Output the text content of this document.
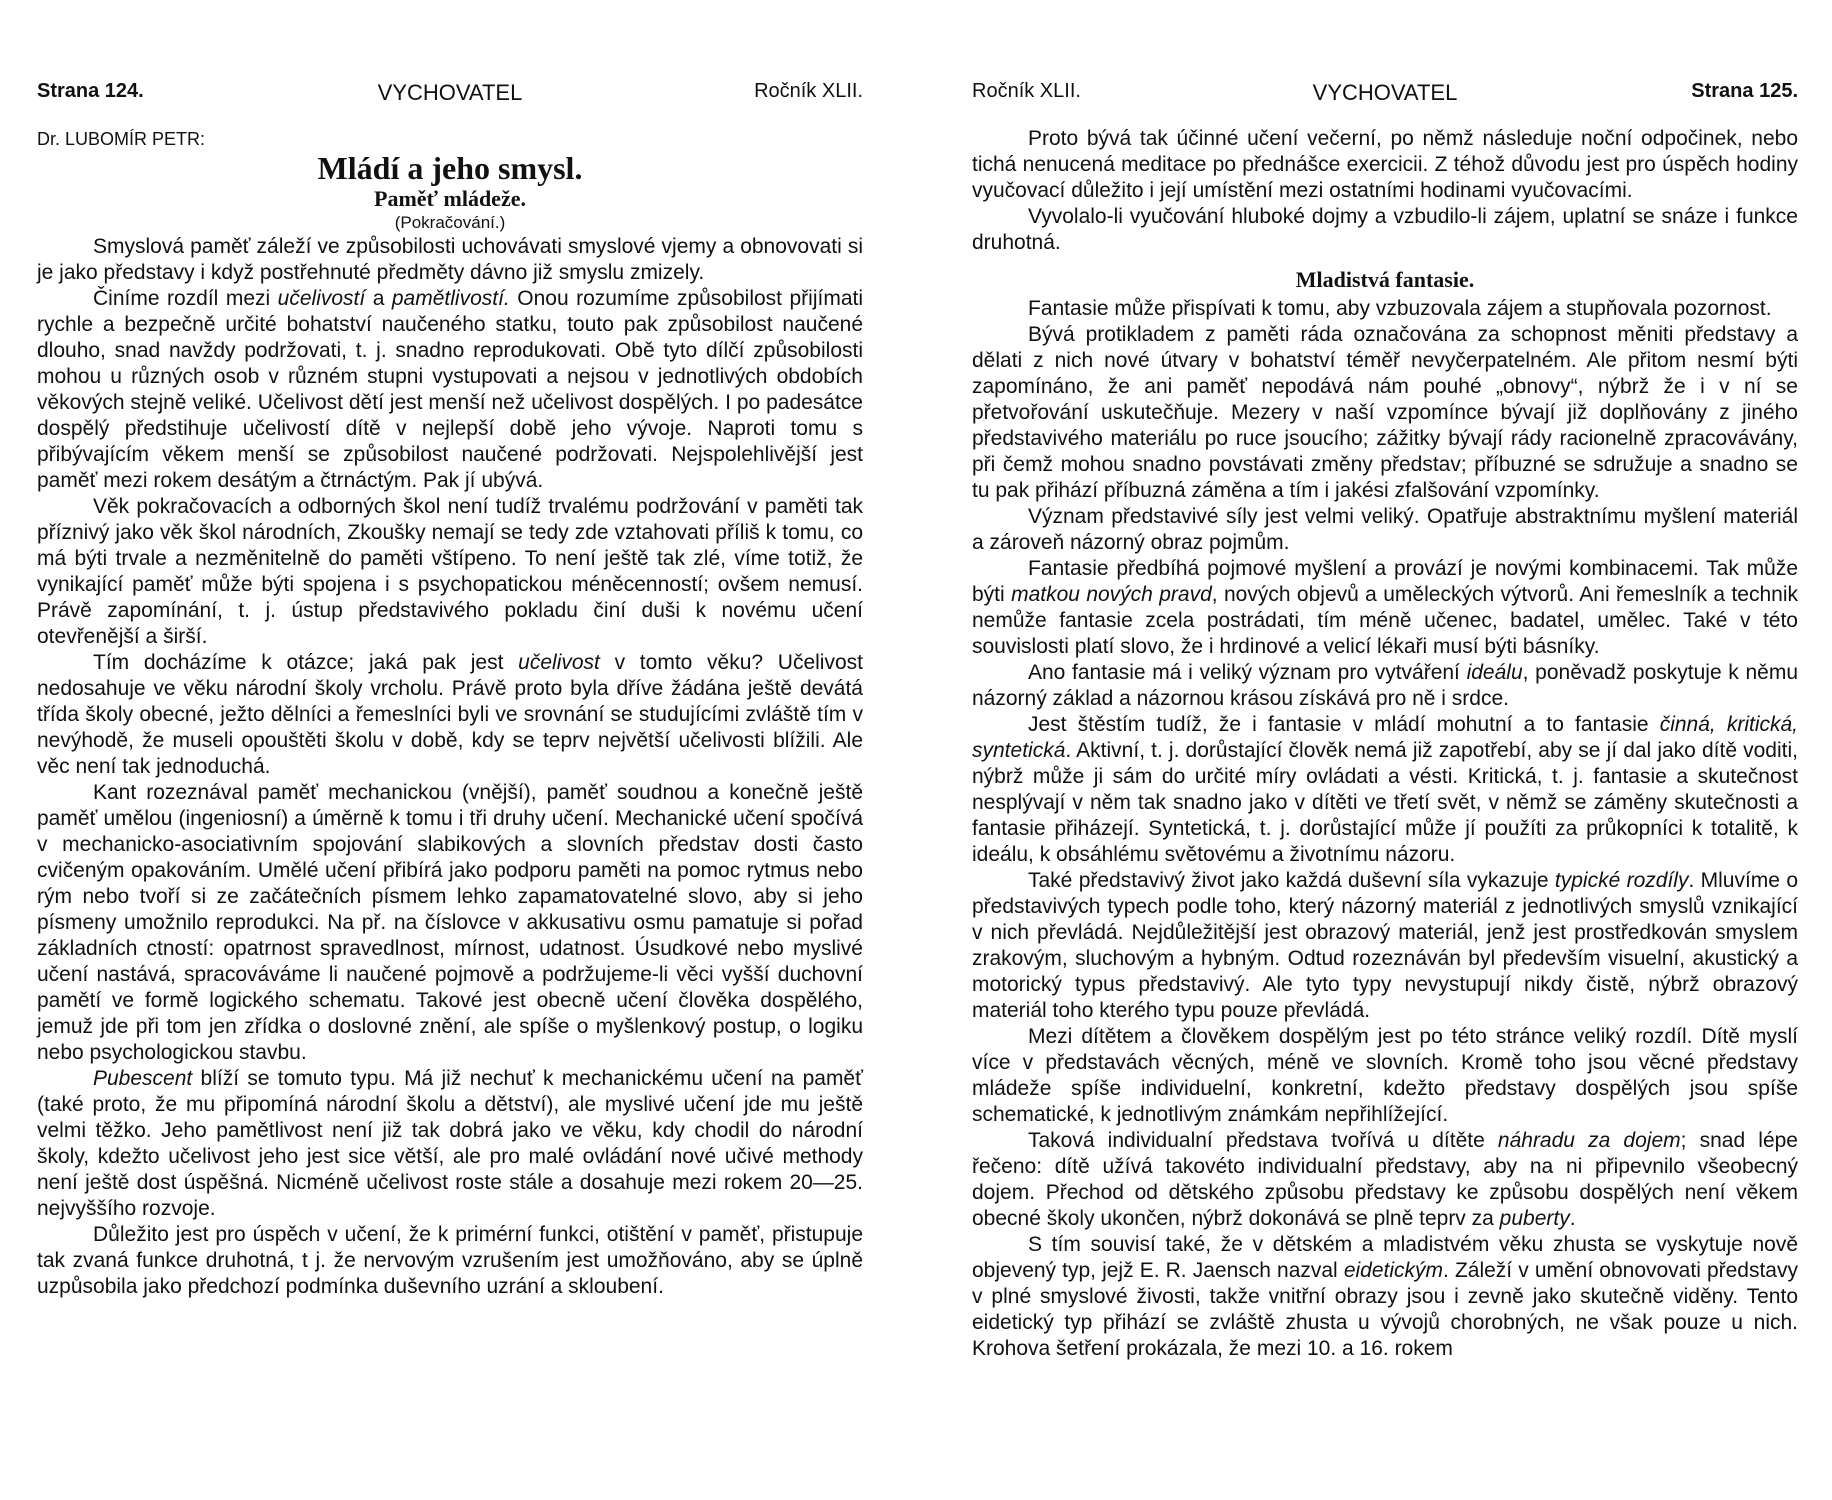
Strana 124.	VYCHOVATEL	Ročník XLII.

Dr. LUBOMÍR PETR:

Mládí a jeho smysl.
Paměť mládeže.

(Pokračování.)

Smyslová paměť záleží ve způsobilosti uchovávati smyslové vjemy a obnovovati si je jako představy i když postřehnuté předměty dávno již smyslu zmizely.

Činíme rozdíl mezi učelivostí a pamětlivostí. Onou rozumíme způsobilost přijímati rychle a bezpečně určité bohatství naučeného statku, touto pak způsobilost naučené dlouho, snad navždy podržovati, t. j. snadno reprodukovati. Obě tyto dílčí způsobilosti mohou u různých osob v různém stupni vystupovati a nejsou v jednotlivých obdobích věkových stejně veliké. Učelivost dětí jest menší než učelivost dospělých. I po padesátce dospělý předstihuje učelivostí dítě v nejlepší době jeho vývoje. Naproti tomu s přibývajícím věkem menší se způsobilost naučené podržovati. Nejspolehlivější jest paměť mezi rokem desátým a čtrnáctým. Pak jí ubývá.

Věk pokračovacích a odborných škol není tudíž trvalému podržování v paměti tak příznivý jako věk škol národních, Zkoušky nemají se tedy zde vztahovati příliš k tomu, co má býti trvale a nezměnitelně do paměti vštípeno. To není ještě tak zlé, víme totiž, že vynikající paměť může býti spojena i s psychopatickou méněcenností; ovšem nemusí. Právě zapomínání, t. j. ústup představivého pokladu činí duši k novému učení otevřenější a širší.

Tím docházíme k otázce; jaká pak jest učelivost v tomto věku? Učelivost nedosahuje ve věku národní školy vrcholu. Právě proto byla dříve žádána ještě devátá třída školy obecné, ježto dělníci a řemeslníci byli ve srovnání se studujícími zvláště tím v nevýhodě, že museli opouštěti školu v době, kdy se teprv největší učelivosti blížili. Ale věc není tak jednoduchá.

Kant rozeznával paměť mechanickou (vnější), paměť soudnou a konečně ještě paměť umělou (ingeniosní) a úměrně k tomu i tři druhy učení. Mechanické učení spočívá v mechanicko-asociativním spojování slabikových a slovních představ dosti často cvičeným opakováním. Umělé učení přibírá jako podporu paměti na pomoc rytmus nebo rým nebo tvoří si ze začátečních písmem lehko zapamatovatelné slovo, aby si jeho písmeny umožnilo reprodukci. Na př. na číslovce v akkusativu osmu pamatuje si pořad základních ctností: opatrnost spravedlnost, mírnost, udatnost. Úsudkové nebo myslivé učení nastává, spracováváme li naučené pojmově a podržujeme-li věci vyšší duchovní pamětí ve formě logického schematu. Takové jest obecně učení člověka dospělého, jemuž jde při tom jen zřídka o doslovné znění, ale spíše o myšlenkový postup, o logiku nebo psychologickou stavbu.

Pubescent blíží se tomuto typu. Má již nechuť k mechanickému učení na paměť (také proto, že mu připomíná národní školu a dětství), ale myslivé učení jde mu ještě velmi těžko. Jeho pamětlivost není již tak dobrá jako ve věku, kdy chodil do národní školy, kdežto učelivost jeho jest sice větší, ale pro malé ovládání nové učivé methody není ještě dost úspěšná. Nicméně učelivost roste stále a dosahuje mezi rokem 20—25. nejvyššího rozvoje.

Důležito jest pro úspěch v učení, že k primérní funkci, otištění v paměť, přistupuje tak zvaná funkce druhotná, t j. že nervovým vzrušením jest umožňováno, aby se úplně uzpůsobila jako předchozí podmínka duševního uzrání a skloubení.

Ročník XLII.	VYCHOVATEL	Strana 125.

Proto bývá tak účinné učení večerní, po němž následuje noční odpočinek, nebo tichá nenucená meditace po přednášce exercicii. Z téhož důvodu jest pro úspěch hodiny vyučovací důležito i její umístění mezi ostatními hodinami vyučovacími.

Vyvolalo-li vyučování hluboké dojmy a vzbudilo-li zájem, uplatní se snáze i funkce druhotná.

Mladistvá fantasie.

Fantasie může přispívati k tomu, aby vzbuzovala zájem a stupňovala pozornost.

Bývá protikladem z paměti ráda označována za schopnost měniti představy a dělati z nich nové útvary v bohatství téměř nevyčerpatelném. Ale přitom nesmí býti zapomínáno, že ani paměť nepodává nám pouhé „obnovy“, nýbrž že i v ní se přetvořování uskutečňuje. Mezery v naší vzpomínce bývají již doplňovány z jiného představivého materiálu po ruce jsoucího; zážitky bývají rády racionelně zpracovávány, při čemž mohou snadno povstávati změny představ; příbuzné se sdružuje a snadno se tu pak přihází příbuzná záměna a tím i jakési zfalšování vzpomínky.

Význam představivé síly jest velmi veliký. Opatřuje abstraktnímu myšlení materiál a zároveň názorný obraz pojmům.

Fantasie předbíhá pojmové myšlení a provází je novými kombinacemi. Tak může býti matkou nových pravd, nových objevů a uměleckých výtvorů. Ani řemeslník a technik nemůže fantasie zcela postrádati, tím méně učenec, badatel, umělec. Také v této souvislosti platí slovo, že i hrdinové a velicí lékaři musí býti básníky.

Ano fantasie má i veliký význam pro vytváření ideálu, poněvadž poskytuje k němu názorný základ a názornou krásou získává pro ně i srdce.

Jest štěstím tudíž, že i fantasie v mládí mohutní a to fantasie činná, kritická, syntetická. Aktivní, t. j. dorůstající člověk nemá již zapotřebí, aby se jí dal jako dítě voditi, nýbrž může ji sám do určité míry ovládati a vésti. Kritická, t. j. fantasie a skutečnost nesplývají v něm tak snadno jako v dítěti ve třetí svět, v němž se záměny skutečnosti a fantasie přiházejí. Syntetická, t. j. dorůstající může jí použíti za průkopníci k totalitě, k ideálu, k obsáhlému světovému a životnímu názoru.

Také představivý život jako každá duševní síla vykazuje typické rozdíly. Mluvíme o představivých typech podle toho, který názorný materiál z jednotlivých smyslů vznikající v nich převládá. Nejdůležitější jest obrazový materiál, jenž jest prostředkován smyslem zrakovým, sluchovým a hybným. Odtud rozeznáván byl především visuelní, akustický a motorický typus představivý. Ale tyto typy nevystupují nikdy čistě, nýbrž obrazový materiál toho kterého typu pouze převládá.

Mezi dítětem a člověkem dospělým jest po této stránce veliký rozdíl. Dítě myslí více v představách věcných, méně ve slovních. Kromě toho jsou věcné představy mládeže spíše individuelní, konkretní, kdežto představy dospělých jsou spíše schematické, k jednotlivým známkám nepřihlížející.

Taková individualní představa tvořívá u dítěte náhradu za dojem; snad lépe řečeno: dítě užívá takovéto individualní představy, aby na ni připevnilo všeobecný dojem. Přechod od dětského způsobu představy ke způsobu dospělých není věkem obecné školy ukončen, nýbrž dokonává se plně teprv za puberty.

S tím souvisí také, že v dětském a mladistvém věku zhusta se vyskytuje nově objevený typ, jejž E. R. Jaensch nazval eidetickým. Záleží v umění obnovovati představy v plné smyslové živosti, takže vnitřní obrazy jsou i zevně jako skutečně viděny. Tento eidetický typ přihází se zvláště zhusta u vývojů chorobných, ne však pouze u nich. Krohova šetření prokázala, že mezi 10. a 16. rokem
